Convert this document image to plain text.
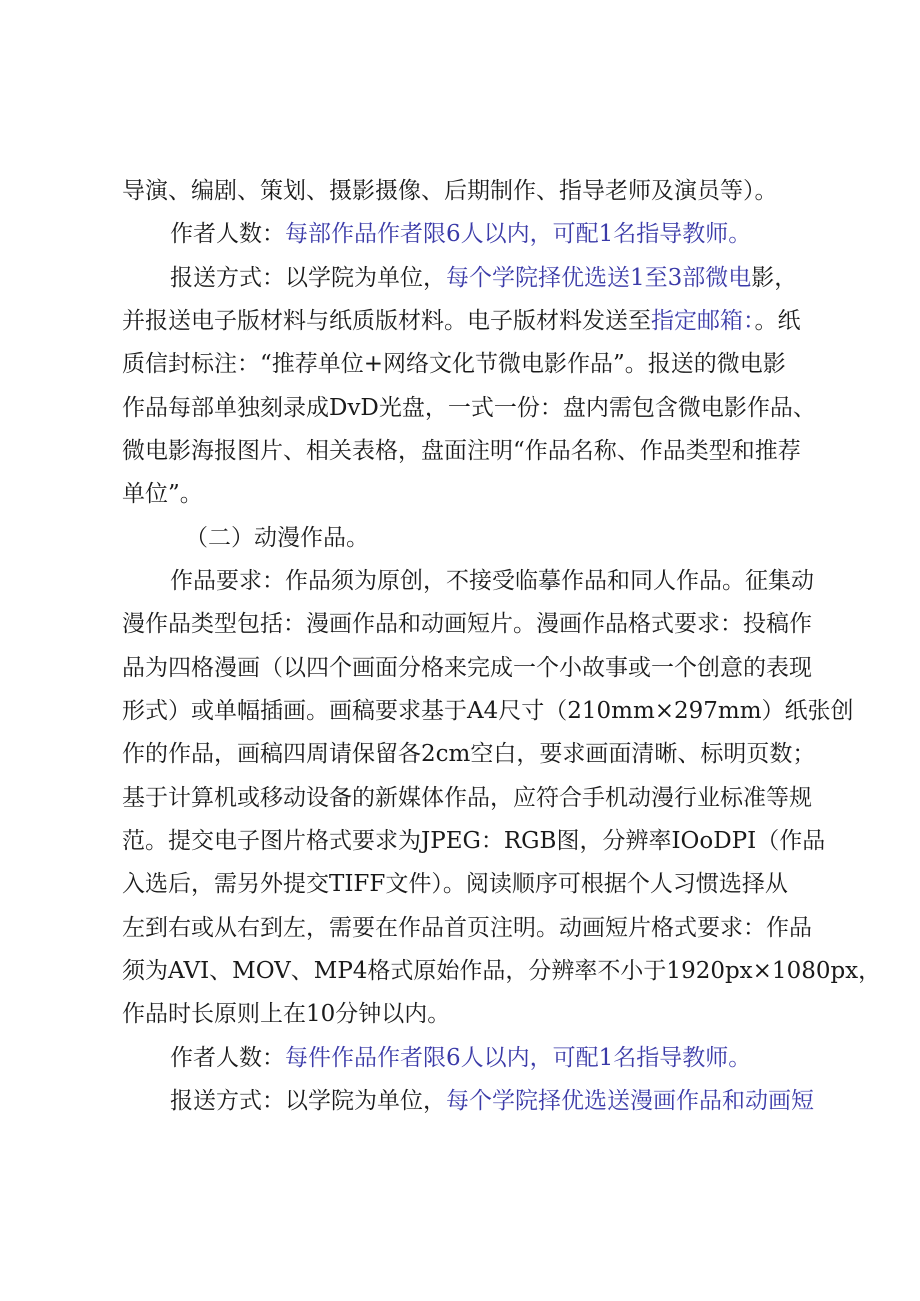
导演、编剧、策划、摄影摄像、后期制作、指导老师及演员等）。
作者人数：每部作品作者限6人以内，可配1名指导教师。
报送方式：以学院为单位，每个学院择优选送1至3部微电影，
并报送电子版材料与纸质版材料。电子版材料发送至指定邮箱：。纸
质信封标注：“推荐单位+网络文化节微电影作品”。报送的微电影
作品每部单独刻录成DvD光盘，一式一份：盘内需包含微电影作品、
微电影海报图片、相关表格，盘面注明“作品名称、作品类型和推荐
单位”。
（二）动漫作品。
作品要求：作品须为原创，不接受临摹作品和同人作品。征集动
漫作品类型包括：漫画作品和动画短片。漫画作品格式要求：投稿作
品为四格漫画（以四个画面分格来完成一个小故事或一个创意的表现
形式）或单幅插画。画稿要求基于A4尺寸（210mm×297mm）纸张创
作的作品，画稿四周请保留各2cm空白，要求画面清晰、标明页数；
基于计算机或移动设备的新媒体作品，应符合手机动漫行业标准等规
范。提交电子图片格式要求为JPEG：RGB图，分辨率IOoDPI（作品
入选后，需另外提交TIFF文件）。阅读顺序可根据个人习惯选择从
左到右或从右到左，需要在作品首页注明。动画短片格式要求：作品
须为AVI、MOV、MP4格式原始作品，分辨率不小于1920px×1080px，
作品时长原则上在10分钟以内。
作者人数：每件作品作者限6人以内，可配1名指导教师。
报送方式：以学院为单位，每个学院择优选送漫画作品和动画短
